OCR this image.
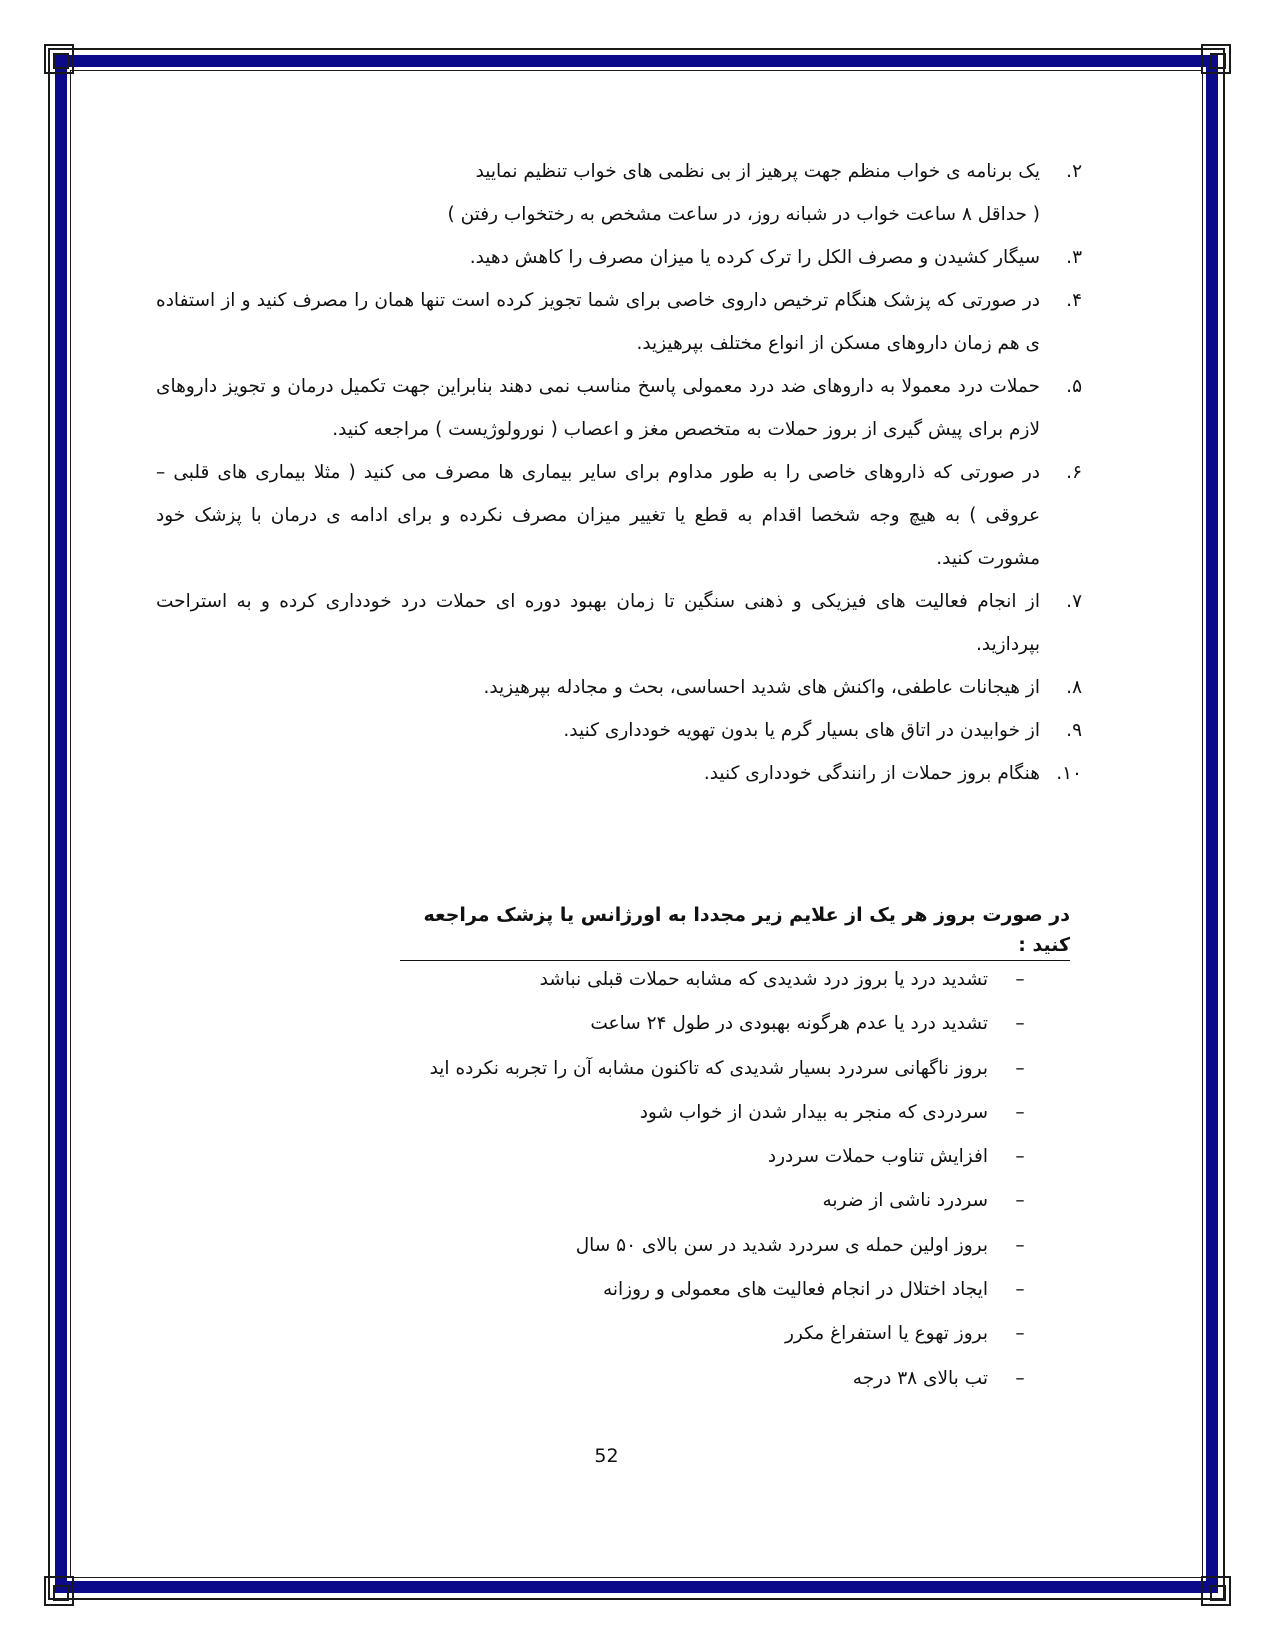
۲.
یک برنامه ی خواب منظم جهت پرهیز از بی نظمی های خواب تنظیم نمایید
( حداقل ۸ ساعت خواب در شبانه روز، در ساعت مشخص به رختخواب رفتن )
۳.
سیگار کشیدن و مصرف الکل را ترک کرده یا میزان مصرف را کاهش دهید.
۴.
در صورتی که پزشک هنگام ترخیص داروی خاصی برای شما تجویز کرده است تنها همان را مصرف کنید و از استفاده ی هم زمان داروهای مسکن از انواع مختلف بپرهیزید.
۵.
حملات درد معمولا به داروهای ضد درد معمولی پاسخ مناسب نمی دهند بنابراین جهت تکمیل درمان و تجویز داروهای لازم برای پیش گیری از بروز حملات به متخصص مغز و اعصاب ( نورولوژیست ) مراجعه کنید.
۶.
در صورتی که ذاروهای خاصی را به طور مداوم برای سایر بیماری ها مصرف می کنید ( مثلا بیماری های قلبی – عروقی ) به هیچ وجه شخصا اقدام به قطع یا تغییر میزان مصرف نکرده و برای ادامه ی درمان با پزشک خود مشورت کنید.
۷.
از انجام فعالیت های فیزیکی و ذهنی سنگین تا زمان بهبود دوره ای حملات درد خودداری کرده و به استراحت بپردازید.
۸.
از هیجانات عاطفی، واکنش های شدید احساسی، بحث و مجادله بپرهیزید.
۹.
از خوابیدن در اتاق های بسیار گرم یا بدون تهویه خودداری کنید.
۱۰.
هنگام بروز حملات از رانندگی خودداری کنید.
در صورت بروز هر یک از علایم زیر مجددا به اورژانس یا پزشک مراجعه کنید :
–
تشدید درد یا بروز درد شدیدی که مشابه حملات قبلی نباشد
–
تشدید درد یا عدم هرگونه بهبودی در طول ۲۴ ساعت
–
بروز ناگهانی سردرد بسیار شدیدی که تاکنون مشابه آن را تجربه نکرده اید
–
سردردی که منجر به بیدار شدن از خواب شود
–
افزایش تناوب حملات سردرد
–
سردرد ناشی از ضربه
–
بروز اولین حمله ی سردرد شدید در سن بالای ۵۰ سال
–
ایجاد اختلال در انجام فعالیت های معمولی و روزانه
–
بروز تهوع یا استفراغ مکرر
–
تب بالای ۳۸ درجه
52
